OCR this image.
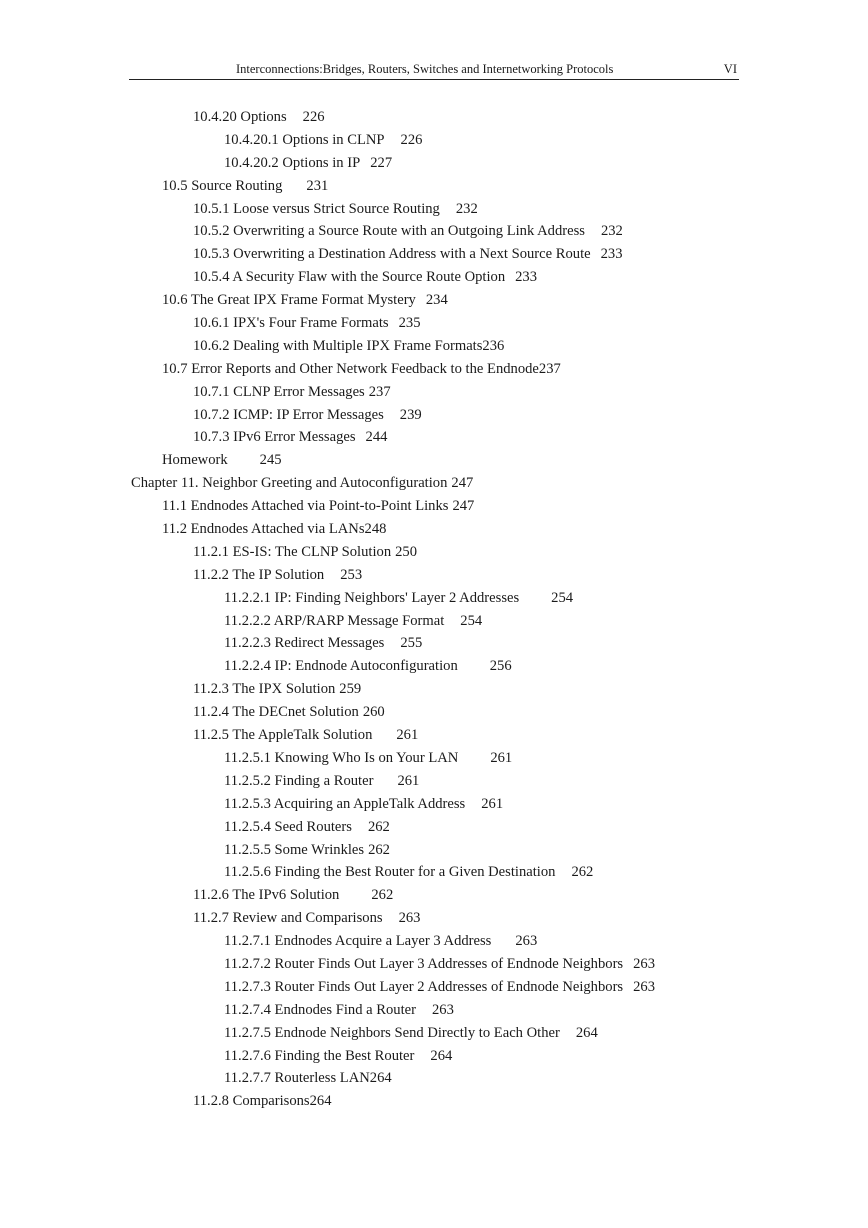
Interconnections:Bridges, Routers, Switches and Internetworking Protocols	VI
10.4.20 Options 226
10.4.20.1 Options in CLNP 226
10.4.20.2 Options in IP 227
10.5 Source Routing 231
10.5.1 Loose versus Strict Source Routing 232
10.5.2 Overwriting a Source Route with an Outgoing Link Address 232
10.5.3 Overwriting a Destination Address with a Next Source Route 233
10.5.4 A Security Flaw with the Source Route Option 233
10.6 The Great IPX Frame Format Mystery 234
10.6.1 IPX's Four Frame Formats 235
10.6.2 Dealing with Multiple IPX Frame Formats236
10.7 Error Reports and Other Network Feedback to the Endnode237
10.7.1 CLNP Error Messages 237
10.7.2 ICMP: IP Error Messages 239
10.7.3 IPv6 Error Messages 244
Homework 245
Chapter 11. Neighbor Greeting and Autoconfiguration 247
11.1 Endnodes Attached via Point-to-Point Links 247
11.2 Endnodes Attached via LANs248
11.2.1 ES-IS: The CLNP Solution 250
11.2.2 The IP Solution 253
11.2.2.1 IP: Finding Neighbors' Layer 2 Addresses 254
11.2.2.2 ARP/RARP Message Format 254
11.2.2.3 Redirect Messages 255
11.2.2.4 IP: Endnode Autoconfiguration 256
11.2.3 The IPX Solution 259
11.2.4 The DECnet Solution 260
11.2.5 The AppleTalk Solution 261
11.2.5.1 Knowing Who Is on Your LAN 261
11.2.5.2 Finding a Router 261
11.2.5.3 Acquiring an AppleTalk Address 261
11.2.5.4 Seed Routers 262
11.2.5.5 Some Wrinkles 262
11.2.5.6 Finding the Best Router for a Given Destination 262
11.2.6 The IPv6 Solution 262
11.2.7 Review and Comparisons 263
11.2.7.1 Endnodes Acquire a Layer 3 Address 263
11.2.7.2 Router Finds Out Layer 3 Addresses of Endnode Neighbors 263
11.2.7.3 Router Finds Out Layer 2 Addresses of Endnode Neighbors 263
11.2.7.4 Endnodes Find a Router 263
11.2.7.5 Endnode Neighbors Send Directly to Each Other 264
11.2.7.6 Finding the Best Router 264
11.2.7.7 Routerless LAN264
11.2.8 Comparisons264
